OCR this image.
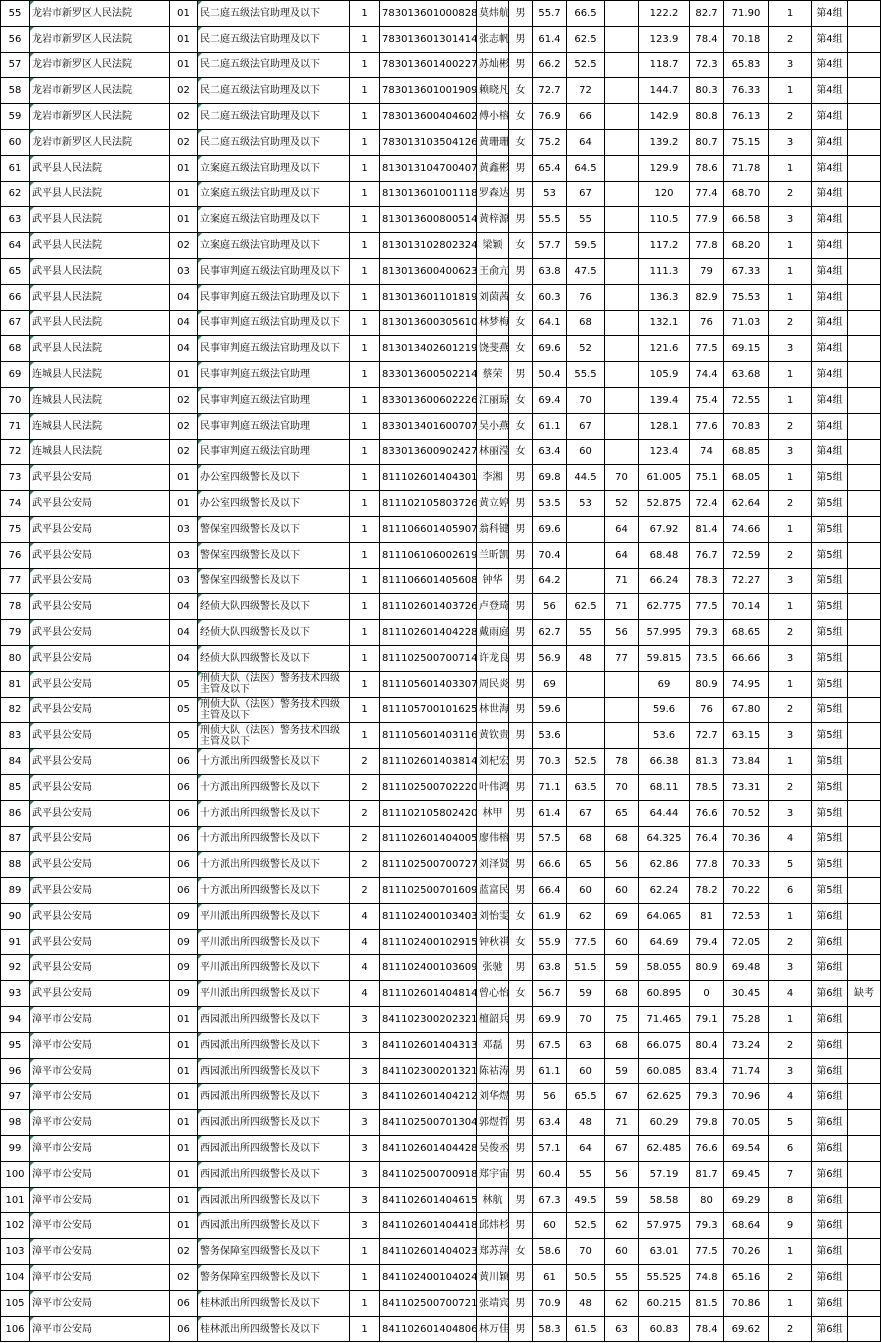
55	龙岩市新罗区人民法院	01	民二庭五级法官助理及以下	1	783013601000828	莫炜航	男	55.7	66.5		122.2	82.7	71.90	1	第4组	
56	龙岩市新罗区人民法院	01	民二庭五级法官助理及以下	1	783013601301414	张志帆	男	61.4	62.5		123.9	78.4	70.18	2	第4组	
57	龙岩市新罗区人民法院	01	民二庭五级法官助理及以下	1	783013601400227	苏灿彬	男	66.2	52.5		118.7	72.3	65.83	3	第4组	
58	龙岩市新罗区人民法院	02	民二庭五级法官助理及以下	1	783013601001909	赖晓凡	女	72.7	72		144.7	80.3	76.33	1	第4组	
59	龙岩市新罗区人民法院	02	民二庭五级法官助理及以下	1	783013600404602	傅小榕	女	76.9	66		142.9	80.8	76.13	2	第4组	
60	龙岩市新罗区人民法院	02	民二庭五级法官助理及以下	1	783013103504126	黄珊珊	女	75.2	64		139.2	80.7	75.15	3	第4组	
61	武平县人民法院	01	立案庭五级法官助理及以下	1	813013104700407	黄鑫彬	男	65.4	64.5		129.9	78.6	71.78	1	第4组	
62	武平县人民法院	01	立案庭五级法官助理及以下	1	813013601001118	罗森达	男	53	67		120	77.4	68.70	2	第4组	
63	武平县人民法院	01	立案庭五级法官助理及以下	1	813013600800514	黄梓源	男	55.5	55		110.5	77.9	66.58	3	第4组	
64	武平县人民法院	02	立案庭五级法官助理及以下	1	813013102802324	梁颖	女	57.7	59.5		117.2	77.8	68.20	1	第4组	
65	武平县人民法院	03	民事审判庭五级法官助理及以下	1	813013600400623	王俞亢	男	63.8	47.5		111.3	79	67.33	1	第4组	
66	武平县人民法院	04	民事审判庭五级法官助理及以下	1	813013601101819	刘茵茜	女	60.3	76		136.3	82.9	75.53	1	第4组	
67	武平县人民法院	04	民事审判庭五级法官助理及以下	1	813013600305610	林梦梅	女	64.1	68		132.1	76	71.03	2	第4组	
68	武平县人民法院	04	民事审判庭五级法官助理及以下	1	813013402601219	饶斐燕	女	69.6	52		121.6	77.5	69.15	3	第4组	
69	连城县人民法院	01	民事审判庭五级法官助理	1	833013600502214	蔡荣	男	50.4	55.5		105.9	74.4	63.68	1	第4组	
70	连城县人民法院	02	民事审判庭五级法官助理	1	833013600602226	江丽琼	女	69.4	70		139.4	75.4	72.55	1	第4组	
71	连城县人民法院	02	民事审判庭五级法官助理	1	833013401600707	吴小燕	女	61.1	67		128.1	77.6	70.83	2	第4组	
72	连城县人民法院	02	民事审判庭五级法官助理	1	833013600902427	林丽滢	女	63.4	60		123.4	74	68.85	3	第4组	
73	武平县公安局	01	办公室四级警长及以下	1	811102601404301	李湘	男	69.8	44.5	70	61.005	75.1	68.05	1	第5组	
74	武平县公安局	01	办公室四级警长及以下	1	811102105803726	黄立婷	男	53.5	53	52	52.875	72.4	62.64	2	第5组	
75	武平县公安局	03	警保室四级警长及以下	1	811106601405907	翁科键	男	69.6		64	67.92	81.4	74.66	1	第5组	
76	武平县公安局	03	警保室四级警长及以下	1	811106106002619	兰昕凯	男	70.4		64	68.48	76.7	72.59	2	第5组	
77	武平县公安局	03	警保室四级警长及以下	1	811106601405608	钟华	男	64.2		71	66.24	78.3	72.27	3	第5组	
78	武平县公安局	04	经侦大队四级警长及以下	1	811102601403726	卢登琦	男	56	62.5	71	62.775	77.5	70.14	1	第5组	
79	武平县公安局	04	经侦大队四级警长及以下	1	811102601404228	戴雨庭	男	62.7	55	56	57.995	79.3	68.65	2	第5组	
80	武平县公安局	04	经侦大队四级警长及以下	1	811102500700714	许龙良	男	56.9	48	77	59.815	73.5	66.66	3	第5组	
81	武平县公安局	05	刑侦大队（法医）警务技术四级主管及以下	1	811105601403307	周民炎	男	69			69	80.9	74.95	1	第5组	
82	武平县公安局	05	刑侦大队（法医）警务技术四级主管及以下	1	811105700101625	林世海	男	59.6			59.6	76	67.80	2	第5组	
83	武平县公安局	05	刑侦大队（法医）警务技术四级主管及以下	1	811105601403116	黄钦贵	男	53.6			53.6	72.7	63.15	3	第5组	
84	武平县公安局	06	十方派出所四级警长及以下	2	811102601403814	刘杞宏	男	70.3	52.5	78	66.38	81.3	73.84	1	第5组	
85	武平县公安局	06	十方派出所四级警长及以下	2	811102500702220	叶伟鸿	男	71.1	63.5	70	68.11	78.5	73.31	2	第5组	
86	武平县公安局	06	十方派出所四级警长及以下	2	811102105802420	林甲	男	61.4	67	65	64.44	76.6	70.52	3	第5组	
87	武平县公安局	06	十方派出所四级警长及以下	2	811102601404005	廖伟榕	男	57.5	68	68	64.325	76.4	70.36	4	第5组	
88	武平县公安局	06	十方派出所四级警长及以下	2	811102500700727	刘泽贤	男	66.6	65	56	62.86	77.8	70.33	5	第5组	
89	武平县公安局	06	十方派出所四级警长及以下	2	811102500701609	蓝富民	男	66.4	60	60	62.24	78.2	70.22	6	第5组	
90	武平县公安局	09	平川派出所四级警长及以下	4	811102400103403	刘怡雯	女	61.9	62	69	64.065	81	72.53	1	第6组	
91	武平县公安局	09	平川派出所四级警长及以下	4	811102400102915	钟秋祺	女	55.9	77.5	60	64.69	79.4	72.05	2	第6组	
92	武平县公安局	09	平川派出所四级警长及以下	4	811102400103609	张驰	男	63.8	51.5	59	58.055	80.9	69.48	3	第6组	
93	武平县公安局	09	平川派出所四级警长及以下	4	811102601404814	曾心怡	女	56.7	59	68	60.895	0	30.45	4	第6组	缺考
94	漳平市公安局	01	西园派出所四级警长及以下	3	841102300202321	檀韶兵	男	69.9	70	75	71.465	79.1	75.28	1	第6组	
95	漳平市公安局	01	西园派出所四级警长及以下	3	841102601404313	邓磊	男	67.5	63	68	66.075	80.4	73.24	2	第6组	
96	漳平市公安局	01	西园派出所四级警长及以下	3	841102300201321	陈祜涛	男	61.1	60	59	60.085	83.4	71.74	3	第6组	
97	漳平市公安局	01	西园派出所四级警长及以下	3	841102601404212	刘华煜	男	56	65.5	67	62.625	79.3	70.96	4	第6组	
98	漳平市公安局	01	西园派出所四级警长及以下	3	841102500701304	郭煜哲	男	63.4	48	71	60.29	79.8	70.05	5	第6组	
99	漳平市公安局	01	西园派出所四级警长及以下	3	841102601404428	吴俊丞	男	57.1	64	67	62.485	76.6	69.54	6	第6组	
100	漳平市公安局	01	西园派出所四级警长及以下	3	841102500700918	郑宇宙	男	60.4	55	56	57.19	81.7	69.45	7	第6组	
101	漳平市公安局	01	西园派出所四级警长及以下	3	841102601404615	林航	男	67.3	49.5	59	58.58	80	69.29	8	第6组	
102	漳平市公安局	01	西园派出所四级警长及以下	3	841102601404418	邱炜杉	男	60	52.5	62	57.975	79.3	68.64	9	第6组	
103	漳平市公安局	02	警务保障室四级警长及以下	1	841102601404023	郑苏萍	女	58.6	70	60	63.01	77.5	70.26	1	第6组	
104	漳平市公安局	02	警务保障室四级警长及以下	1	841102400104024	黄川颖	男	61	50.5	55	55.525	74.8	65.16	2	第6组	
105	漳平市公安局	06	桂林派出所四级警长及以下	1	841102500700721	张靖宾	男	70.9	48	62	60.215	81.5	70.86	1	第6组	
106	漳平市公安局	06	桂林派出所四级警长及以下	1	841102601404806	林万佳	男	58.3	61.5	63	60.83	78.4	69.62	2	第6组	
